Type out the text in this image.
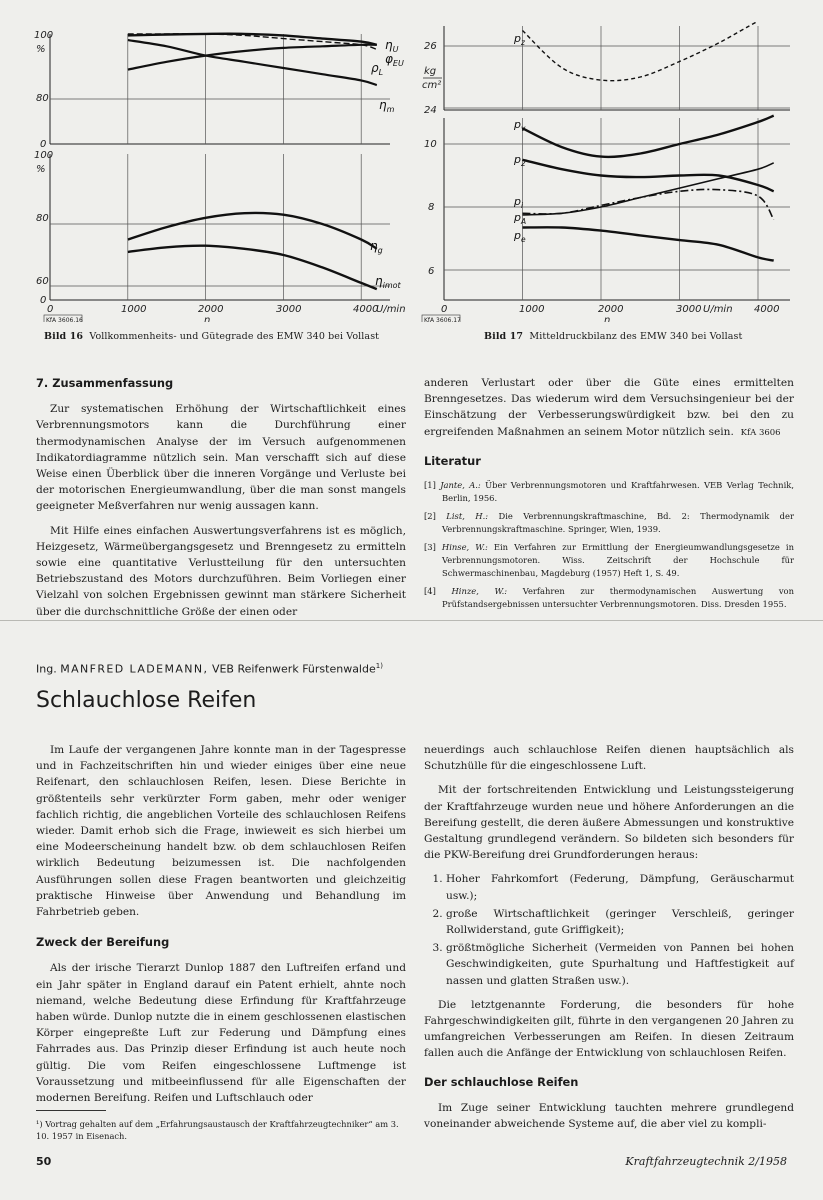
100
%
80
0
100
%
80
60
0
0	1000	2000	3000	4000
U/min
n
$\eta_U$
$\varphi_{EU}$
$\rho_L$
$\eta_m$
$\eta_g$
$\eta_{imot}$
KfA 3606.16
Bild 16 Vollkommenheits- und Gütegrade des EMW 340 bei Vollast
26
kg
cm²
24
10
8
6
0	1000	2000	3000 U/min 4000
n
$p_z$
$p_v$
$p_2$
$p_i$
$p_A$
$p_e$
KfA 3606.17
Bild 17 Mitteldruckbilanz des EMW 340 bei Vollast
7. Zusammenfassung

Zur systematischen Erhöhung der Wirtschaftlichkeit eines Verbrennungsmotors kann die Durchführung einer thermodynamischen Analyse der im Versuch aufgenommenen Indikatordiagramme nützlich sein. Man verschafft sich auf diese Weise einen Überblick über die inneren Vorgänge und Verluste bei der motorischen Energieumwandlung, über die man sonst mangels geeigneter Meßverfahren nur wenig aussagen kann.

Mit Hilfe eines einfachen Auswertungsverfahrens ist es möglich, Heizgesetz, Wärmeübergangsgesetz und Brenngesetz zu ermitteln sowie eine quantitative Verlustteilung für den untersuchten Betriebszustand des Motors durchzuführen. Beim Vorliegen einer Vielzahl von solchen Ergebnissen gewinnt man stärkere Sicherheit über die durchschnittliche Größe der einen oder

anderen Verlustart oder über die Güte eines ermittelten Brenngesetzes. Das wiederum wird dem Versuchsingenieur bei der Einschätzung der Verbesserungswürdigkeit bzw. bei den zu ergreifenden Maßnahmen an seinem Motor nützlich sein. KfA 3606

Literatur
[1] Jante, A.: Über Verbrennungsmotoren und Kraftfahrwesen. VEB Verlag Technik, Berlin, 1956.
[2] List, H.: Die Verbrennungskraftmaschine, Bd. 2: Thermodynamik der Verbrennungskraftmaschine. Springer, Wien, 1939.
[3] Hinse, W.: Ein Verfahren zur Ermittlung der Energieumwandlungsgesetze in Verbrennungsmotoren. Wiss. Zeitschrift der Hochschule für Schwermaschinenbau, Magdeburg (1957) Heft 1, S. 49.
[4] Hinze, W.: Verfahren zur thermodynamischen Auswertung von Prüfstandsergebnissen untersuchter Verbrennungsmotoren. Diss. Dresden 1955.
Ing. MANFRED LADEMANN, VEB Reifenwerk Fürstenwalde$^{1)}$
Schlauchlose Reifen

Im Laufe der vergangenen Jahre konnte man in der Tagespresse und in Fachzeitschriften hin und wieder einiges über eine neue Reifenart, den schlauchlosen Reifen, lesen. Diese Berichte in größtenteils sehr verkürzter Form gaben, mehr oder weniger fachlich richtig, die angeblichen Vorteile des schlauchlosen Reifens wieder. Damit erhob sich die Frage, inwieweit es sich hierbei um eine Modeerscheinung handelt bzw. ob dem schlauchlosen Reifen wirklich Bedeutung beizumessen ist. Die nachfolgenden Ausführungen sollen diese Fragen beantworten und gleichzeitig praktische Hinweise über Anwendung und Behandlung im Fahrbetrieb geben.

Zweck der Bereifung

Als der irische Tierarzt Dunlop 1887 den Luftreifen erfand und ein Jahr später in England darauf ein Patent erhielt, ahnte noch niemand, welche Bedeutung diese Erfindung für Kraftfahrzeuge haben würde. Dunlop nutzte die in einem geschlossenen elastischen Körper eingepreßte Luft zur Federung und Dämpfung eines Fahrrades aus. Das Prinzip dieser Erfindung ist auch heute noch gültig. Die vom Reifen eingeschlossene Luftmenge ist Voraussetzung und mitbeeinflussend für alle Eigenschaften der modernen Bereifung. Reifen und Luftschlauch oder

neuerdings auch schlauchlose Reifen dienen hauptsächlich als Schutzhülle für die eingeschlossene Luft.

Mit der fortschreitenden Entwicklung und Leistungssteigerung der Kraftfahrzeuge wurden neue und höhere Anforderungen an die Bereifung gestellt, die deren äußere Abmessungen und konstruktive Gestaltung grundlegend verändern. So bildeten sich besonders für die PKW-Bereifung drei Grundforderungen heraus:

1. Hoher Fahrkomfort (Federung, Dämpfung, Geräuscharmut usw.);
2. große Wirtschaftlichkeit (geringer Verschleiß, geringer Rollwiderstand, gute Griffigkeit);
3. größtmögliche Sicherheit (Vermeiden von Pannen bei hohen Geschwindigkeiten, gute Spurhaltung und Haftfestigkeit auf nassen und glatten Straßen usw.).

Die letztgenannte Forderung, die besonders für hohe Fahrgeschwindigkeiten gilt, führte in den vergangenen 20 Jahren zu umfangreichen Verbesserungen am Reifen. In diesen Zeitraum fallen auch die Anfänge der Entwicklung von schlauchlosen Reifen.

Der schlauchlose Reifen

Im Zuge seiner Entwicklung tauchten mehrere grundlegend voneinander abweichende Systeme auf, die aber viel zu kompli-

¹) Vortrag gehalten auf dem „Erfahrungsaustausch der Kraftfahrzeugtechniker“ am 3. 10. 1957 in Eisenach.
50	Kraftfahrzeugtechnik 2/1958
